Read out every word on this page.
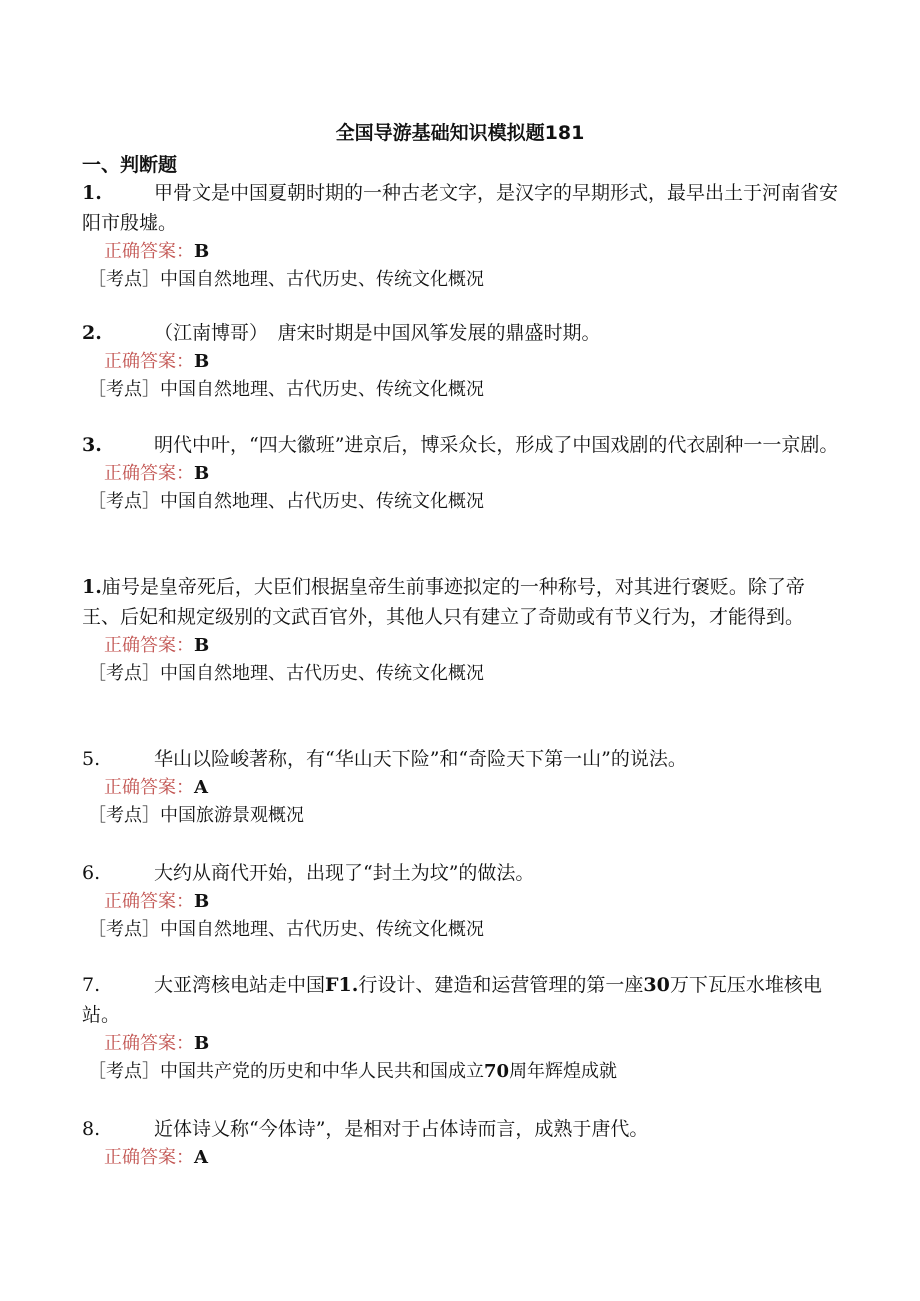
全国导游基础知识模拟题181
一、判断题

1.	甲骨文是中国夏朝时期的一种古老文字，是汉字的早期形式，最早出土于河南省安阳市殷墟。

正确答案：B

［考点］中国自然地理、古代历史、传统文化概况

2.	（江南博哥）　唐宋时期是中国风筝发展的鼎盛时期。

正确答案：B

［考点］中国自然地理、古代历史、传统文化概况

3.	明代中叶，“四大徽班”进京后，博采众长，形成了中国戏剧的代衣剧种一一京剧。

正确答案：B

［考点］中国自然地理、占代历史、传统文化概况

1.庙号是皇帝死后，大臣们根据皇帝生前事迹拟定的一种称号，对其进行褒贬。除了帝王、后妃和规定级别的文武百官外，其他人只有建立了奇勋或有节义行为，才能得到。

正确答案：B

［考点］中国自然地理、古代历史、传统文化概况

5.	华山以险峻著称，有“华山天下险”和“奇险天下第一山”的说法。

正确答案：A

［考点］中国旅游景观概况

6.	大约从商代开始，出现了“封土为坟”的做法。

正确答案：B

［考点］中国自然地理、古代历史、传统文化概况

7.	大亚湾核电站走中国F1.行设计、建造和运营管理的第一座30万下瓦压水堆核电站。

正确答案：B

［考点］中国共产党的历史和中华人民共和国成立70周年辉煌成就

8.	近体诗乂称“今体诗”，是相对于占体诗而言，成熟于唐代。

正确答案：A
